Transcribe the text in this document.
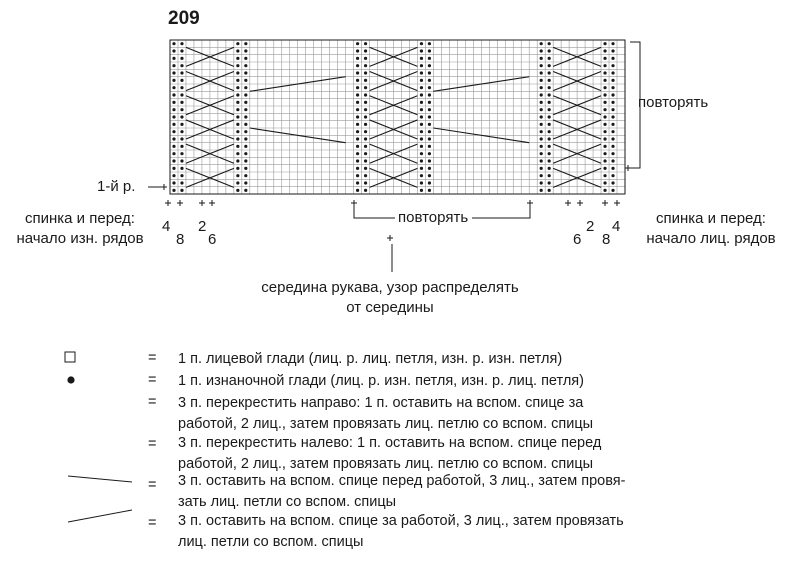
209
повторять
1-й р.
повторять
спинка и перед:
начало изн. рядов
спинка и перед:
начало лиц. рядов
середина рукава, узор распределять
от середины
4
8
2
6
2
6
4
8
= 1 п. лицевой глади (лиц. р. лиц. петля, изн. р. изн. петля)
= 1 п. изнаночной глади (лиц. р. изн. петля, изн. р. лиц. петля)
= 3 п. перекрестить направо: 1 п. оставить на вспом. спице за
работой, 2 лиц., затем провязать лиц. петлю со вспом. спицы
= 3 п. перекрестить налево: 1 п. оставить на вспом. спице перед
работой, 2 лиц., затем провязать лиц. петлю со вспом. спицы
= 3 п. оставить на вспом. спице перед работой, 3 лиц., затем провя-
зать лиц. петли со вспом. спицы
= 3 п. оставить на вспом. спице за работой, 3 лиц., затем провязать
лиц. петли со вспом. спицы
